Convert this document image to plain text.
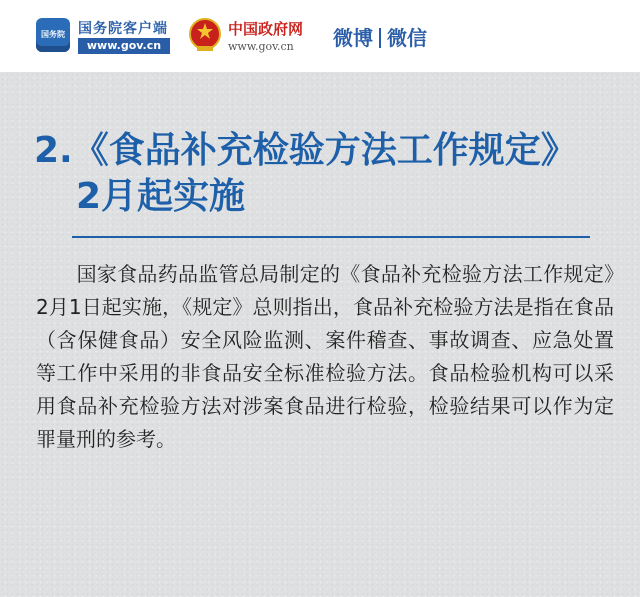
国务院 国务院客户端
www.gov.cn
中国政府网
www.gov.cn 微博 微信
2.《食品补充检验方法工作规定》
2月起实施

　　国家食品药品监管总局制定的《食品补充检验方法工作规定》2月1日起实施，《规定》总则指出，食品补充检验方法是指在食品（含保健食品）安全风险监测、案件稽查、事故调查、应急处置等工作中采用的非食品安全标准检验方法。食品检验机构可以采用食品补充检验方法对涉案食品进行检验，检验结果可以作为定罪量刑的参考。
